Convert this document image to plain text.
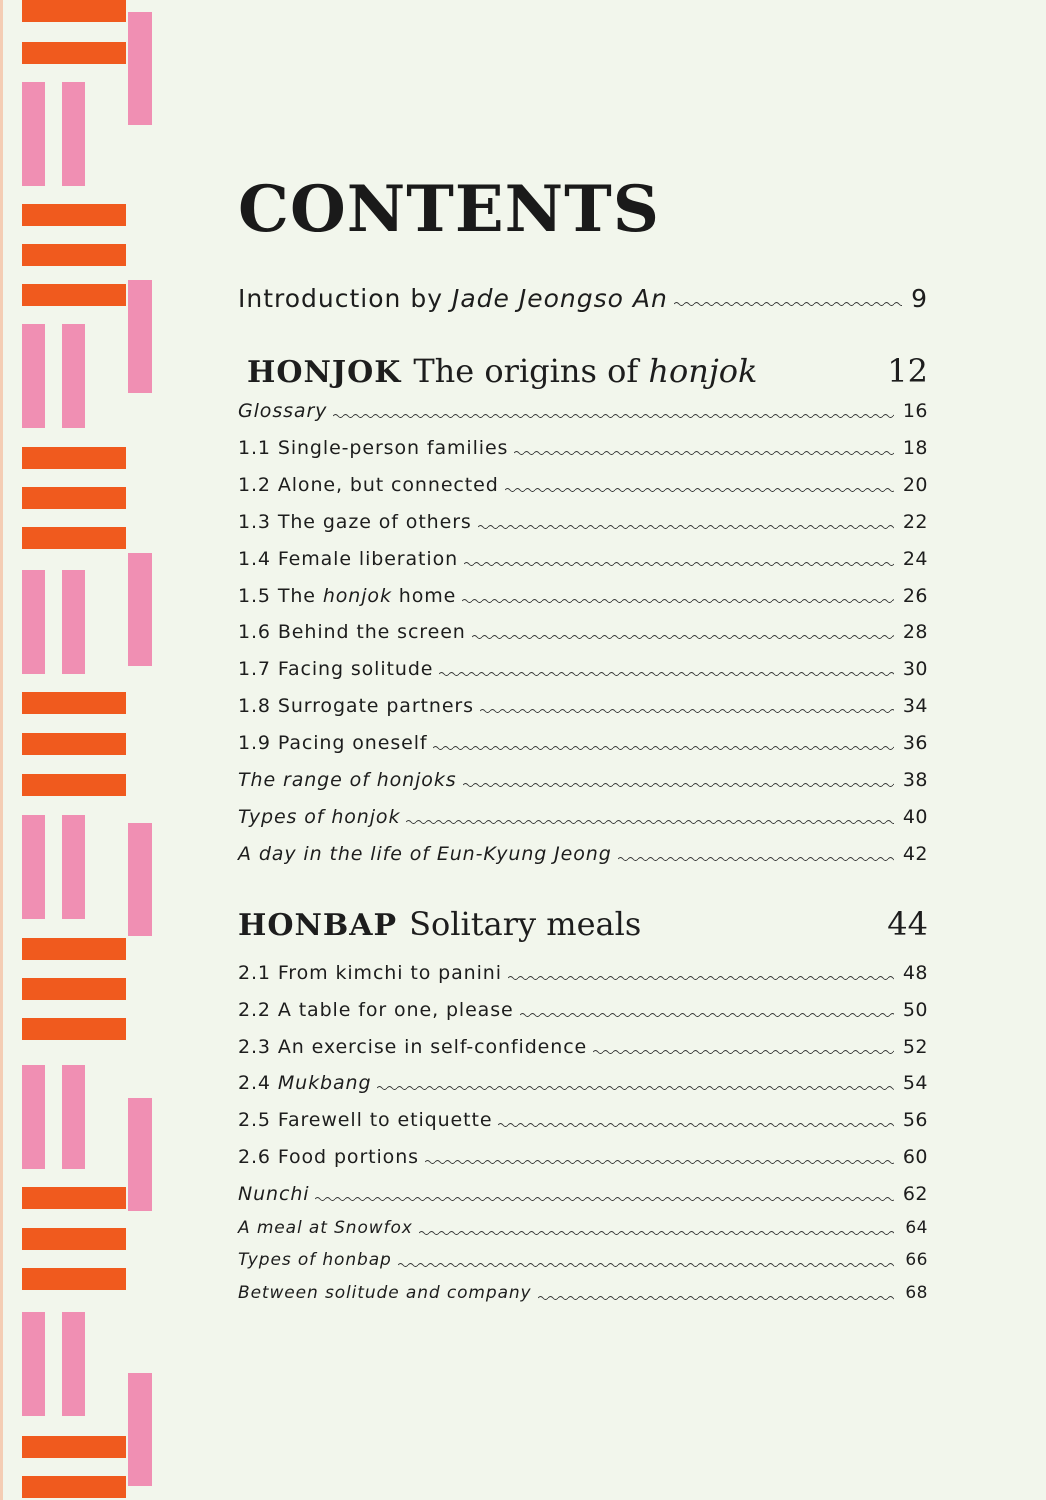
CONTENTS
Introduction by Jade Jeongso An	9
HONJOK The origins of honjok	12
Glossary	16
1.1 Single-person families	18
1.2 Alone, but connected	20
1.3 The gaze of others	22
1.4 Female liberation	24
1.5 The honjok home	26
1.6 Behind the screen	28
1.7 Facing solitude	30
1.8 Surrogate partners	34
1.9 Pacing oneself	36
The range of honjoks	38
Types of honjok	40
A day in the life of Eun-Kyung Jeong	42
HONBAP Solitary meals	44
2.1 From kimchi to panini	48
2.2 A table for one, please	50
2.3 An exercise in self-confidence	52
2.4 Mukbang	54
2.5 Farewell to etiquette	56
2.6 Food portions	60
Nunchi	62
A meal at Snowfox	64
Types of honbap	66
Between solitude and company	68
